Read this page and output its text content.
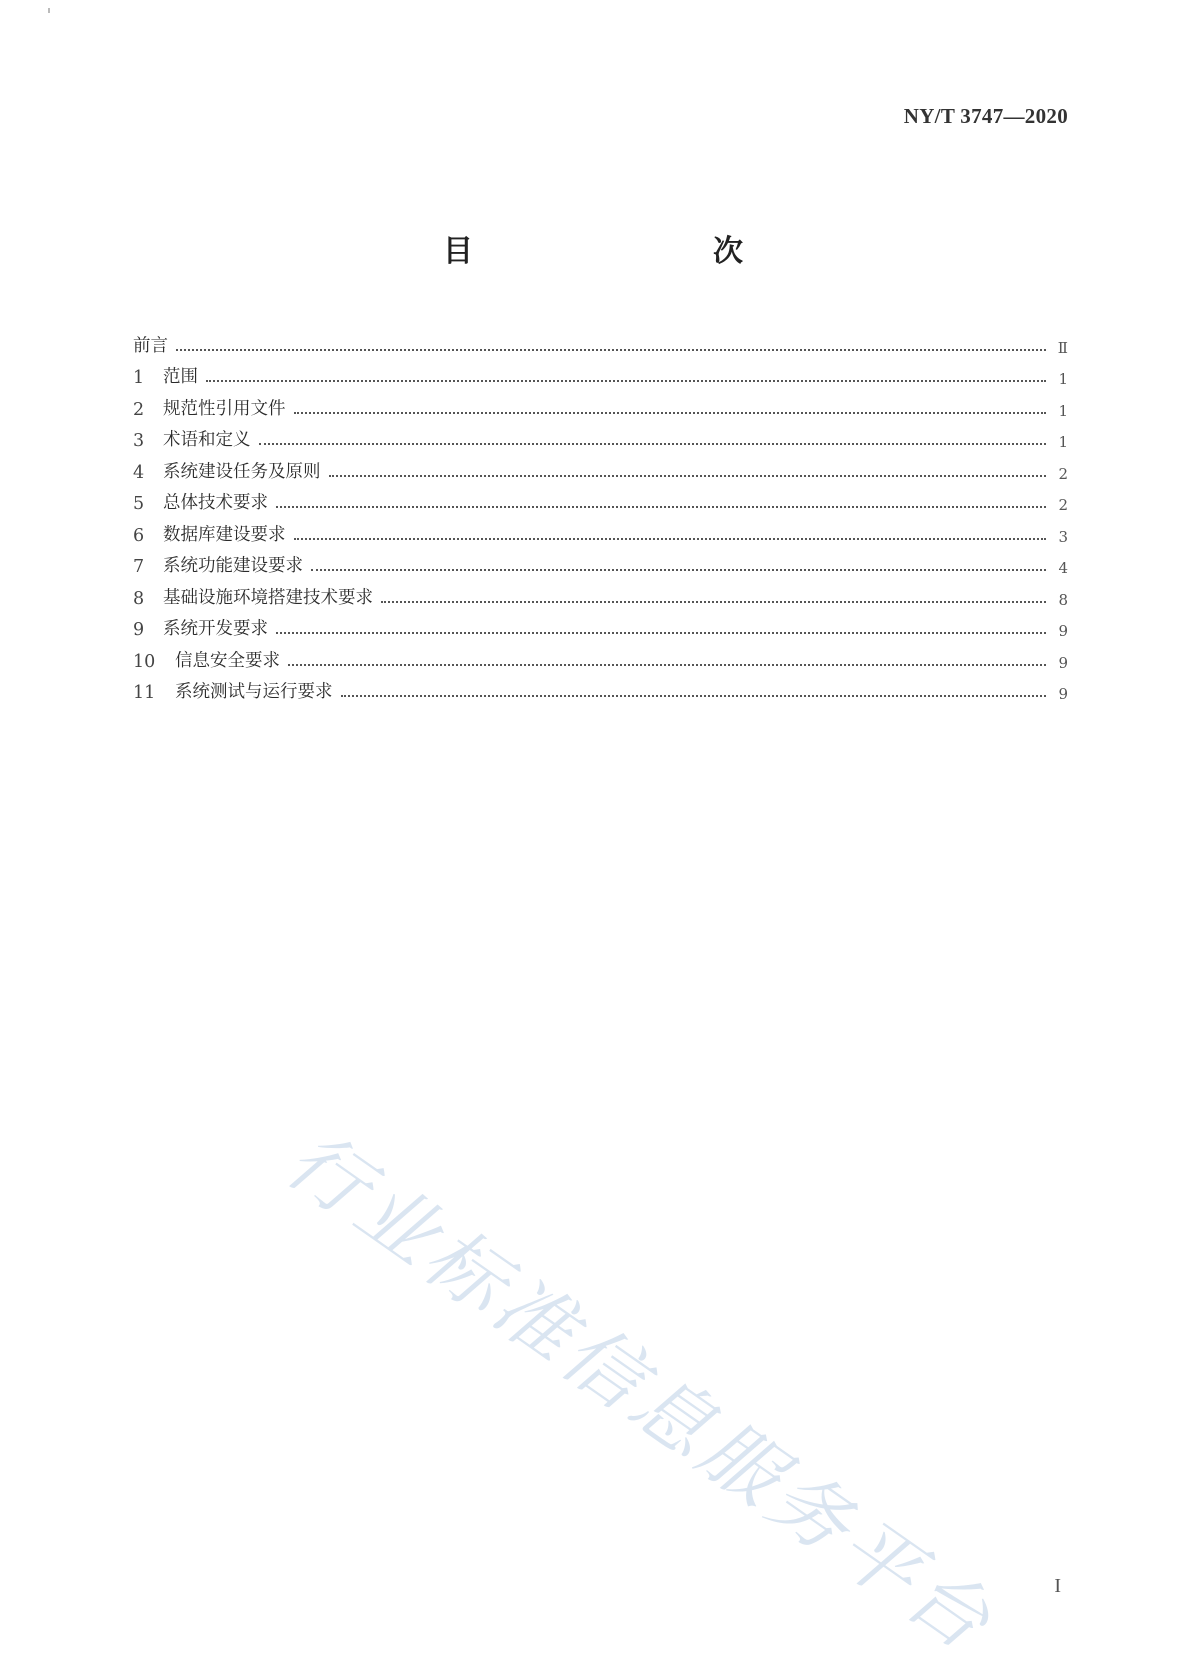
NY/T 3747—2020
目　　次
前言	Ⅱ
1	范围	1
2	规范性引用文件	1
3	术语和定义	1
4	系统建设任务及原则	2
5	总体技术要求	2
6	数据库建设要求	3
7	系统功能建设要求	4
8	基础设施环境搭建技术要求	8
9	系统开发要求	9
10	信息安全要求	9
11	系统测试与运行要求	9
行业标准信息服务平台	I
